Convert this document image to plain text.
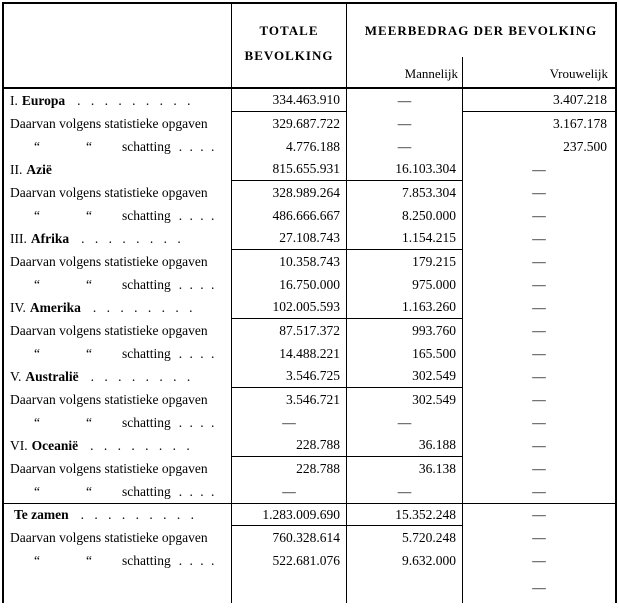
TOTALE
BEVOLKING
MEERBEDRAG DER BEVOLKING
Mannelijk	Vrouwelijk
I. Europa . . . . . . . . .	334.463.910	—	3.407.218
Daarvan volgens statistieke opgaven	329.687.722	—	3.167.178
“	“ schatting . . . .	4.776.188	—	237.500
II. Azië	815.655.931	16.103.304	—
Daarvan volgens statistieke opgaven	328.989.264	7.853.304	—
“	“ schatting . . . .	486.666.667	8.250.000	—
III. Afrika . . . . . . . .	27.108.743	1.154.215	—
Daarvan volgens statistieke opgaven	10.358.743	179.215	—
“	“ schatting . . . .	16.750.000	975.000	—
IV. Amerika . . . . . . . .	102.005.593	1.163.260	—
Daarvan volgens statistieke opgaven	87.517.372	993.760	—
“	“ schatting . . . .	14.488.221	165.500	—
V. Australië . . . . . . . .	3.546.725	302.549	—
Daarvan volgens statistieke opgaven	3.546.721	302.549	—
“	“ schatting . . . .	—	—	—
VI. Oceanië . . . . . . . .	228.788	36.188	—
Daarvan volgens statistieke opgaven	228.788	36.138	—
“	“ schatting . . . .	—	—	—
Te zamen . . . . . . . . .	1.283.009.690	15.352.248	—
Daarvan volgens statistieke opgaven	760.328.614	5.720.248	—
“	“ schatting . . . .	522.681.076	9.632.000	—
—
